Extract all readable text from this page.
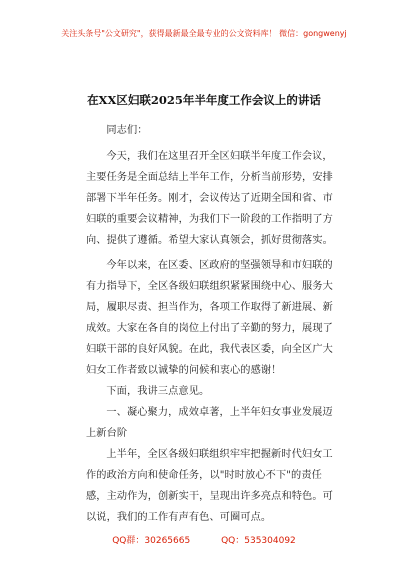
关注头条号"公文研究"，获得最新最全最专业的公文资料库！ 微信：gongwenyj
在XX区妇联2025年半年度工作会议上的讲话

同志们：

今天，我们在这里召开全区妇联半年度工作会议，主要任务是全面总结上半年工作，分析当前形势，安排部署下半年任务。刚才，会议传达了近期全国和省、市妇联的重要会议精神，为我们下一阶段的工作指明了方向、提供了遵循。希望大家认真领会，抓好贯彻落实。

今年以来，在区委、区政府的坚强领导和市妇联的有力指导下，全区各级妇联组织紧紧围绕中心、服务大局，履职尽责、担当作为，各项工作取得了新进展、新成效。大家在各自的岗位上付出了辛勤的努力，展现了妇联干部的良好风貌。在此，我代表区委，向全区广大妇女工作者致以诚挚的问候和衷心的感谢！

下面，我讲三点意见。

一、凝心聚力，成效卓著，上半年妇女事业发展迈上新台阶

上半年，全区各级妇联组织牢牢把握新时代妇女工作的政治方向和使命任务，以"时时放心不下"的责任感，主动作为，创新实干，呈现出许多亮点和特色。可以说，我们的工作有声有色、可圈可点。

QQ群：30265665	QQ：535304092
